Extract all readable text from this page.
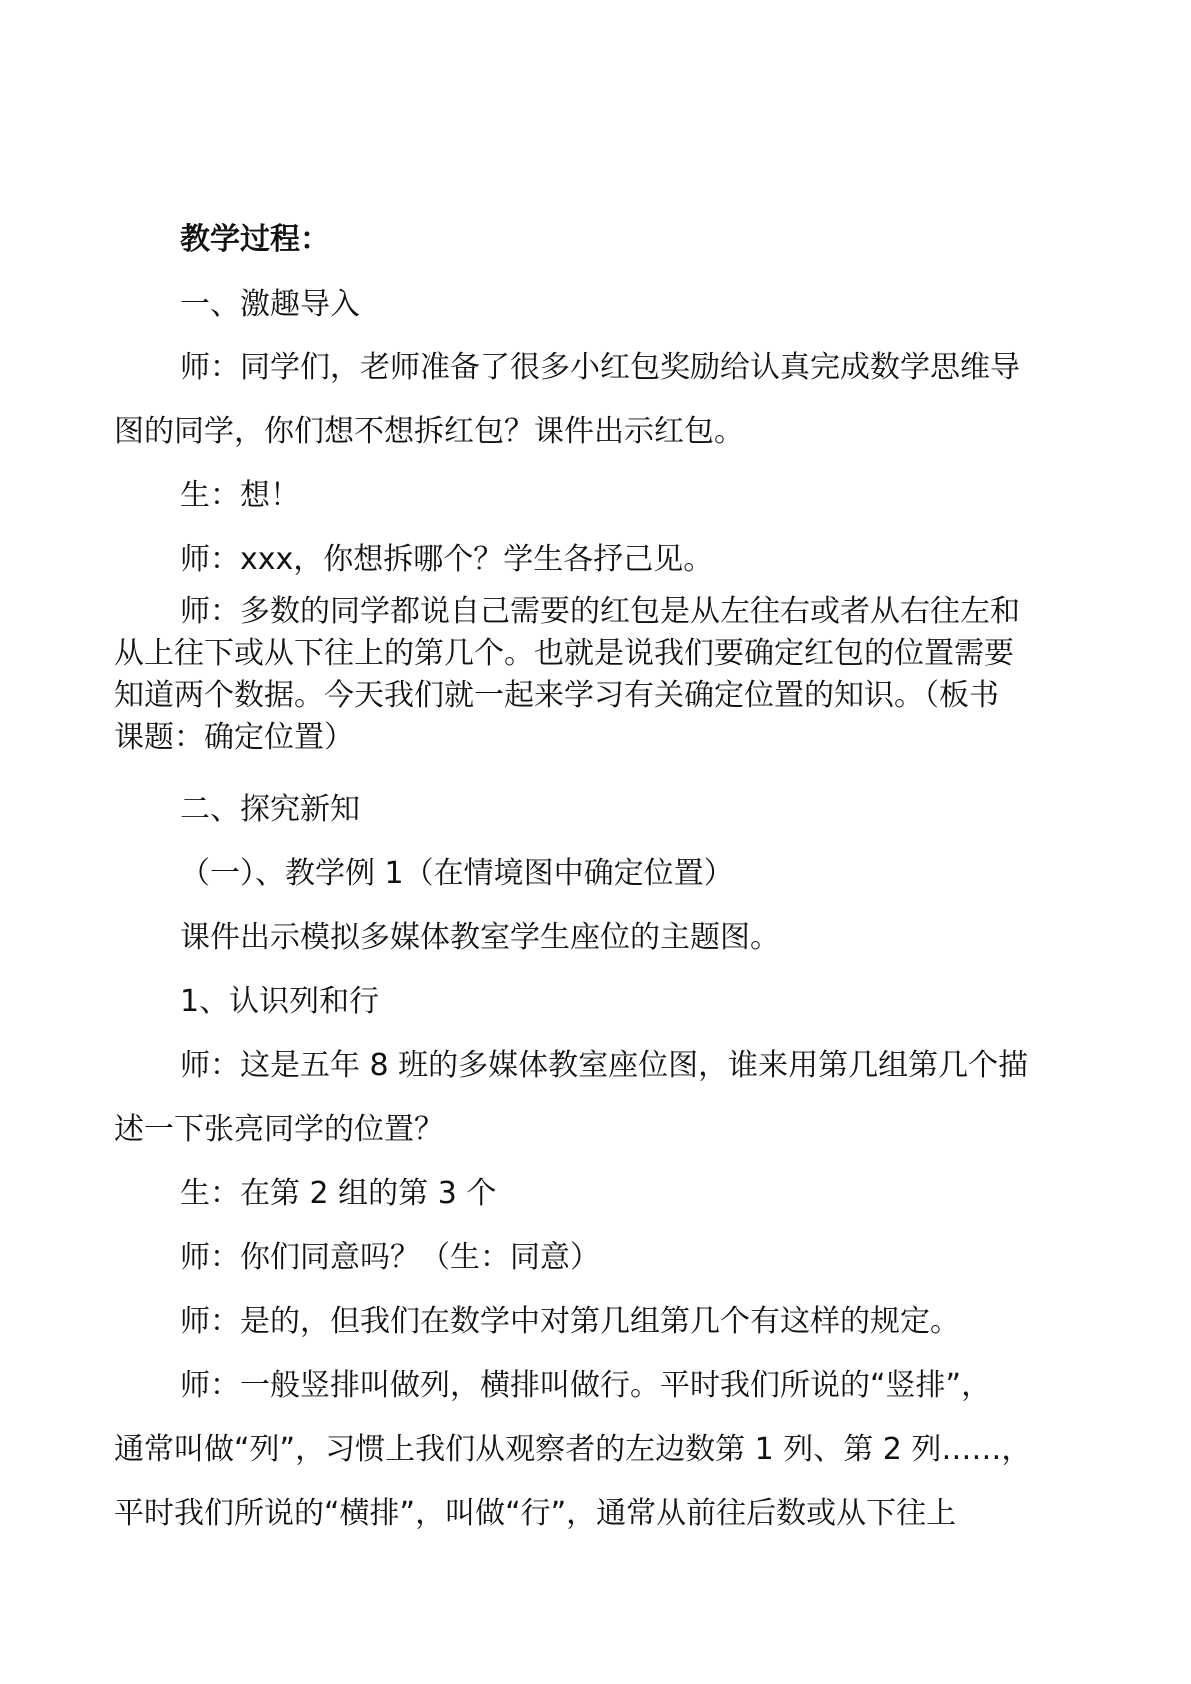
教学过程：
一、激趣导入
师：同学们，老师准备了很多小红包奖励给认真完成数学思维导
图的同学，你们想不想拆红包？课件出示红包。
生：想！
师：xxx，你想拆哪个？学生各抒己见。
师：多数的同学都说自己需要的红包是从左往右或者从右往左和
从上往下或从下往上的第几个。也就是说我们要确定红包的位置需要
知道两个数据。今天我们就一起来学习有关确定位置的知识。（板书
课题：确定位置）
二、探究新知
（一）、教学例 1（在情境图中确定位置）
课件出示模拟多媒体教室学生座位的主题图。
1、认识列和行
师：这是五年 8 班的多媒体教室座位图，谁来用第几组第几个描
述一下张亮同学的位置？
生：在第 2 组的第 3 个
师：你们同意吗？（生：同意）
师：是的，但我们在数学中对第几组第几个有这样的规定。
师：一般竖排叫做列，横排叫做行。平时我们所说的“竖排”，
通常叫做“列”，习惯上我们从观察者的左边数第 1 列、第 2 列……，
平时我们所说的“横排”，叫做“行”，通常从前往后数或从下往上
